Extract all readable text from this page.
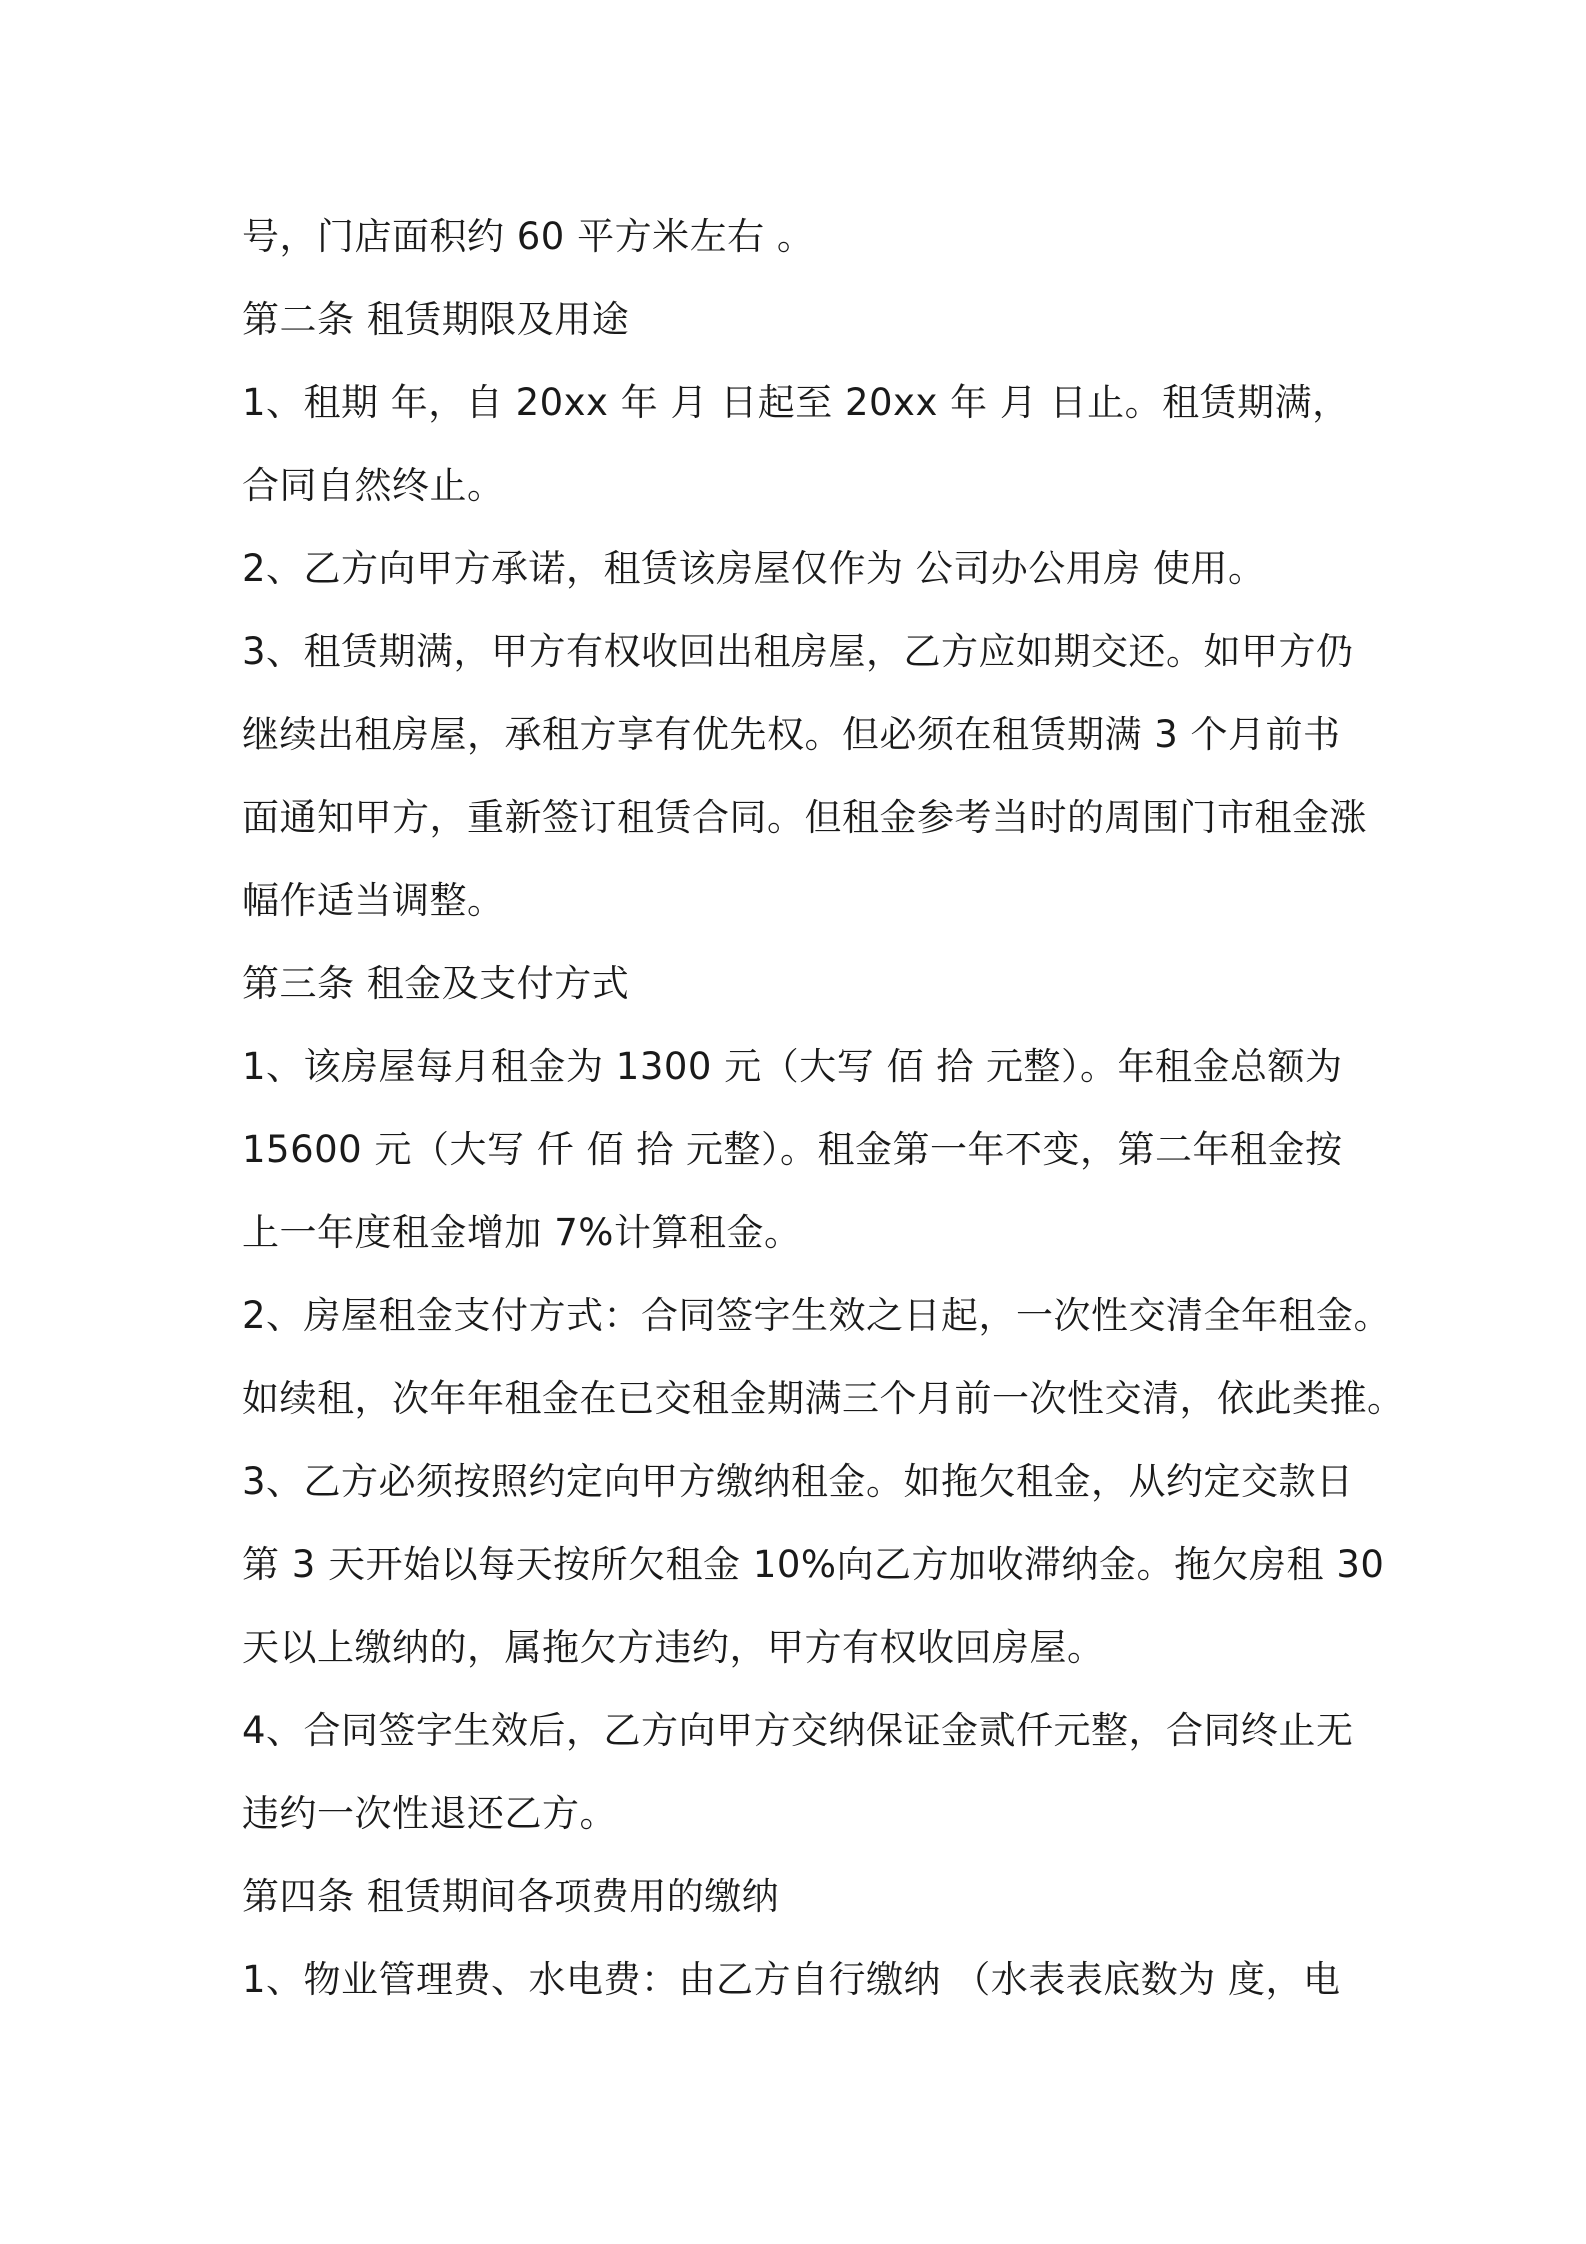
号，门店面积约 60 平方米左右 。
第二条 租赁期限及用途
1、租期 年，自 20xx 年 月 日起至 20xx 年 月 日止。租赁期满，
合同自然终止。
2、乙方向甲方承诺，租赁该房屋仅作为 公司办公用房 使用。
3、租赁期满，甲方有权收回出租房屋，乙方应如期交还。如甲方仍
继续出租房屋，承租方享有优先权。但必须在租赁期满 3 个月前书
面通知甲方，重新签订租赁合同。但租金参考当时的周围门市租金涨
幅作适当调整。
第三条 租金及支付方式
1、该房屋每月租金为 1300 元（大写 佰 拾 元整）。年租金总额为
15600 元（大写 仟 佰 拾 元整）。租金第一年不变，第二年租金按
上一年度租金增加 7%计算租金。
2、房屋租金支付方式：合同签字生效之日起，一次性交清全年租金。
如续租，次年年租金在已交租金期满三个月前一次性交清，依此类推。
3、乙方必须按照约定向甲方缴纳租金。如拖欠租金，从约定交款日
第 3 天开始以每天按所欠租金 10%向乙方加收滞纳金。拖欠房租 30
天以上缴纳的，属拖欠方违约，甲方有权收回房屋。
4、合同签字生效后，乙方向甲方交纳保证金贰仟元整，合同终止无
违约一次性退还乙方。
第四条 租赁期间各项费用的缴纳
1、物业管理费、水电费：由乙方自行缴纳 （水表表底数为 度，电
